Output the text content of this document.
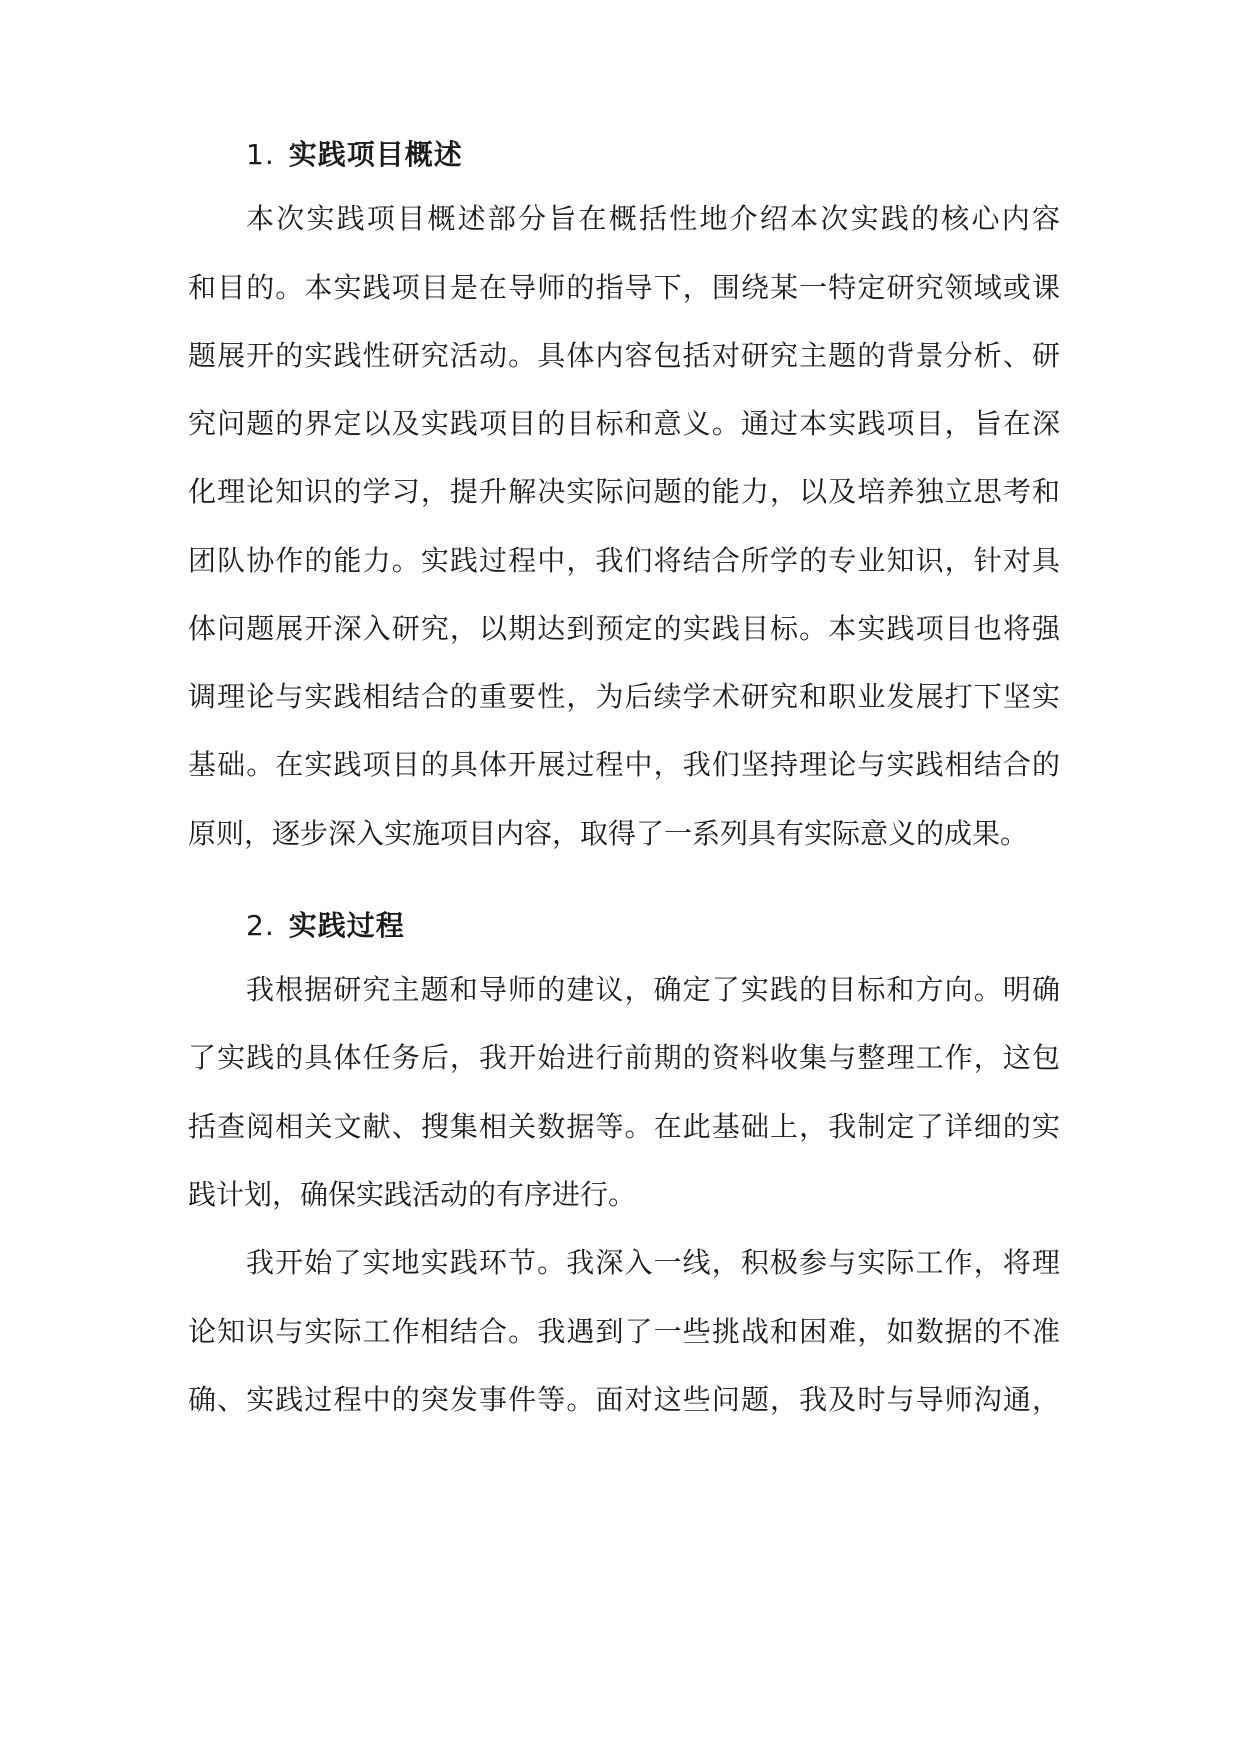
1. 实践项目概述
本次实践项目概述部分旨在概括性地介绍本次实践的核心内容
和目的。本实践项目是在导师的指导下，围绕某一特定研究领域或课
题展开的实践性研究活动。具体内容包括对研究主题的背景分析、研
究问题的界定以及实践项目的目标和意义。通过本实践项目，旨在深
化理论知识的学习，提升解决实际问题的能力，以及培养独立思考和
团队协作的能力。实践过程中，我们将结合所学的专业知识，针对具
体问题展开深入研究，以期达到预定的实践目标。本实践项目也将强
调理论与实践相结合的重要性，为后续学术研究和职业发展打下坚实
基础。在实践项目的具体开展过程中，我们坚持理论与实践相结合的
原则，逐步深入实施项目内容，取得了一系列具有实际意义的成果。
2. 实践过程
我根据研究主题和导师的建议，确定了实践的目标和方向。明确
了实践的具体任务后，我开始进行前期的资料收集与整理工作，这包
括查阅相关文献、搜集相关数据等。在此基础上，我制定了详细的实
践计划，确保实践活动的有序进行。
我开始了实地实践环节。我深入一线，积极参与实际工作，将理
论知识与实际工作相结合。我遇到了一些挑战和困难，如数据的不准
确、实践过程中的突发事件等。面对这些问题，我及时与导师沟通，
